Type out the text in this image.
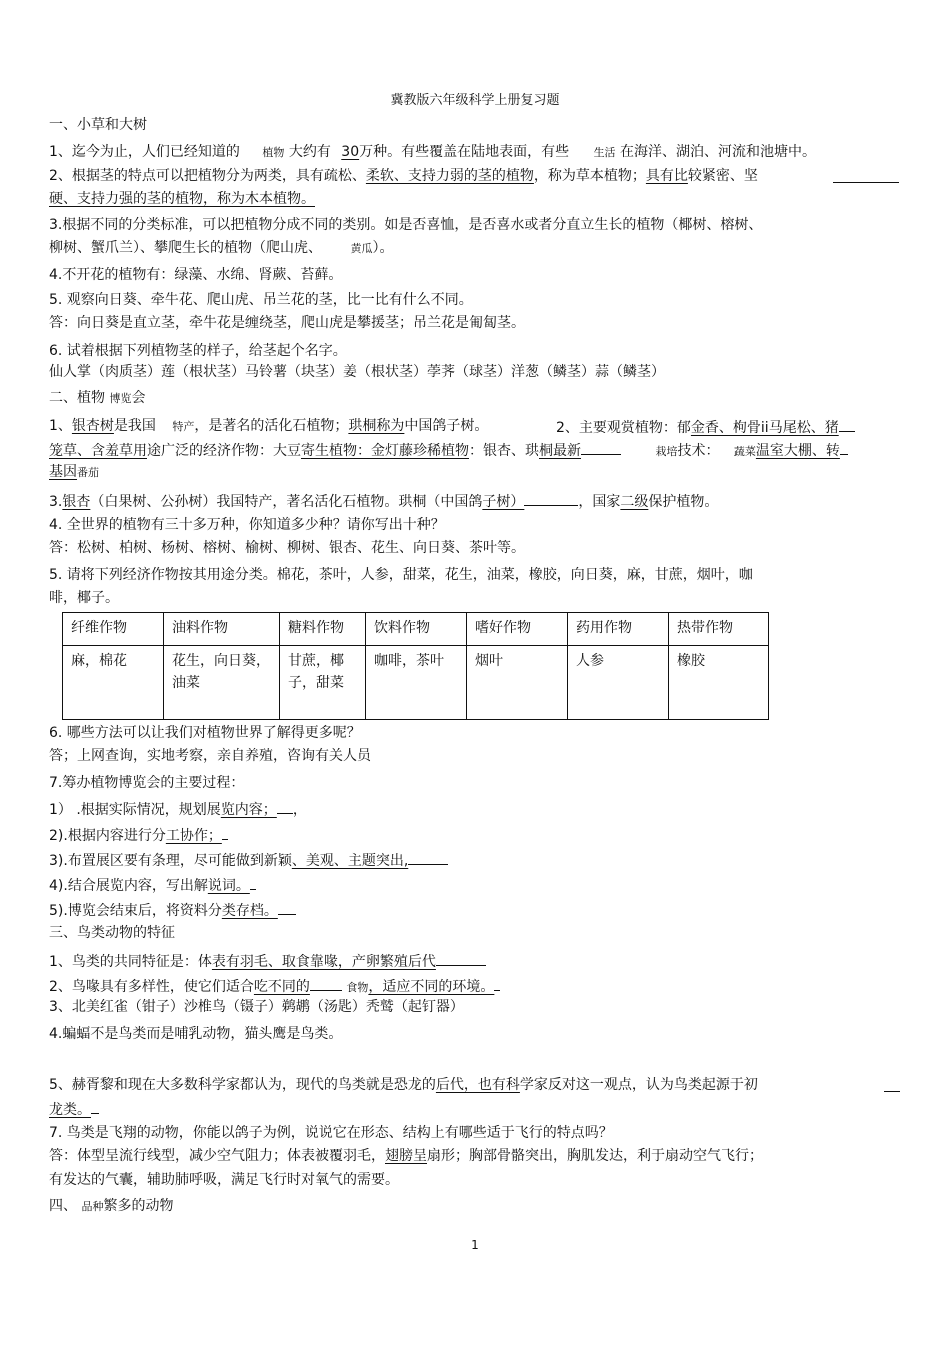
冀教版六年级科学上册复习题
一、小草和大树
1、迄今为止，人们已经知道的 植物 大约有 30万种。有些覆盖在陆地表面，有些 生活 在海洋、湖泊、河流和池塘中。
2、根据茎的特点可以把植物分为两类，具有疏松、柔软、支持力弱的茎的植物，称为草本植物；具有比较紧密、坚
硬、支持力强的茎的植物，称为木本植物。
3.根据不同的分类标准，可以把植物分成不同的类别。如是否喜恤，是否喜水或者分直立生长的植物（椰树、榕树、
柳树、蟹爪兰）、攀爬生长的植物（爬山虎、	黄瓜）。
4.不开花的植物有：绿藻、水绵、肾蕨、苔藓。
5. 观察向日葵、牵牛花、爬山虎、吊兰花的茎，比一比有什么不同。
答：向日葵是直立茎，牵牛花是缠绕茎，爬山虎是攀援茎；吊兰花是匍匐茎。
6. 试着根据下列植物茎的样子，给茎起个名字。
仙人掌（肉质茎）莲（根状茎）马铃薯（块茎）姜（根状茎）荸荠（球茎）洋葱（鳞茎）蒜（鳞茎）
二、植物 博览会
1、银杏树是我国 特产，是著名的活化石植物；珙桐称为中国鸽子树。	2、主要观赏植物：郁金香、枸骨ii马尾松、猪
笼草、含羞草用途广泛的经济作物：大豆寄生植物：金灯藤珍稀植物：银杏、珙桐最新	栽培技术： 蔬菜温室大棚、转
基因番茄
3.银杏（白果树、公孙树）我国特产，著名活化石植物。珙桐（中国鸽子树）	，国家二级保护植物。
4. 全世界的植物有三十多万种，你知道多少种？请你写出十种？
答：松树、柏树、杨树、榕树、榆树、柳树、银杏、花生、向日葵、茶叶等。
5. 请将下列经济作物按其用途分类。棉花，茶叶，人参，甜菜，花生，油菜，橡胶，向日葵，麻，甘蔗，烟叶，咖
啡，椰子。
纤维作物	油料作物	糖料作物	饮料作物	嗜好作物	药用作物	热带作物
麻，棉花	花生，向日葵，油菜	甘蔗，椰子，甜菜	咖啡，茶叶	烟叶	人参	橡胶
6. 哪些方法可以让我们对植物世界了解得更多呢？
答；上网查询，实地考察，亲自养殖，咨询有关人员
7.筹办植物博览会的主要过程：
1） .根据实际情况，规划展览内容； ，
2).根据内容进行分工协作；
3).布置展区要有条理，尽可能做到新颖、美观、主题突出,
4).结合展览内容，写出解说词。
5).博览会结束后，将资料分类存档。
三、鸟类动物的特征
1、鸟类的共同特征是：体表有羽毛、取食靠喙，产卵繁殖后代
2、鸟喙具有多样性，使它们适合吃不同的	食物，适应不同的环境。
3、北美红雀（钳子）沙椎鸟（镊子）鹈鹕（汤匙）秃鹫（起钉器）
4.蝙蝠不是鸟类而是哺乳动物，猫头鹰是鸟类。
5、赫胥黎和现在大多数科学家都认为，现代的鸟类就是恐龙的后代，也有科学家反对这一观点，认为鸟类起源于初
龙类。
7. 鸟类是飞翔的动物，你能以鸽子为例，说说它在形态、结构上有哪些适于飞行的特点吗？
答：体型呈流行线型，减少空气阻力；体表被覆羽毛，翅膀呈扇形；胸部骨骼突出，胸肌发达，利于扇动空气飞行；
有发达的气囊，辅助肺呼吸，满足飞行时对氧气的需要。
四、 品种繁多的动物
1
